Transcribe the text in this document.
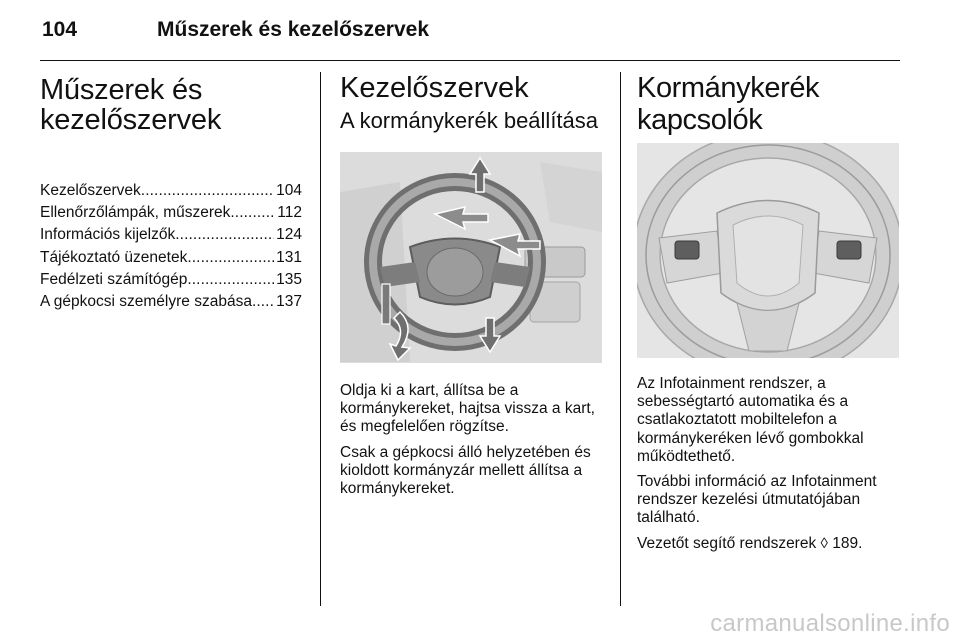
104	Műszerek és kezelőszervek
Műszerek és
kezelőszervek
Kezelőszervek . . .	104
Ellenőrzőlámpák, műszerek . . .	112
Információs kijelzők . . .	124
Tájékoztató üzenetek . . .	131
Fedélzeti számítógép . . .	135
A gépkocsi személyre szabása . . . 137
Kezelőszervek
A kormánykerék beállítása

Oldja ki a kart, állítsa be a kormánykereket, hajtsa vissza a kart, és megfelelően rögzítse.

Csak a gépkocsi álló helyzetében és kioldott kormányzár mellett állítsa a kormánykereket.

Kormánykerék kapcsolók

Az Infotainment rendszer, a sebességtartó automatika és a csatlakoztatott mobiltelefon a kormánykeréken lévő gombokkal működtethető.

További információ az Infotainment rendszer kezelési útmutatójában található.

Vezetőt segítő rendszerek ◊ 189.

carmanualsonline.info
